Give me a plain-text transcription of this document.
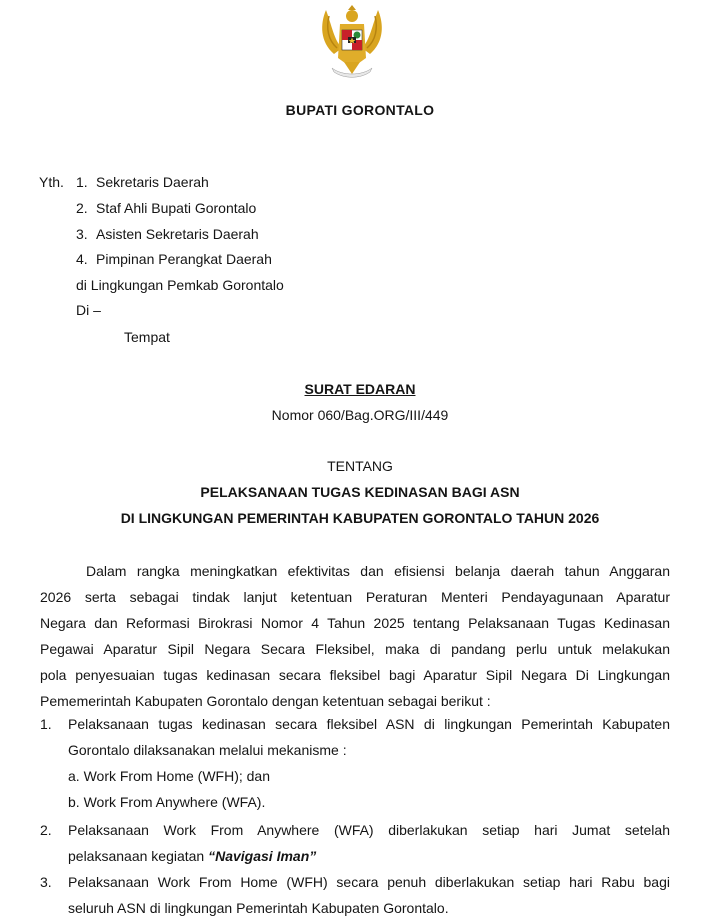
BUPATI GORONTALO
Yth. 1. Sekretaris Daerah
2. Staf Ahli Bupati Gorontalo
3. Asisten Sekretaris Daerah
4. Pimpinan Perangkat Daerah
di Lingkungan Pemkab Gorontalo
Di –
Tempat
SURAT EDARAN
Nomor 060/Bag.ORG/III/449
TENTANG
PELAKSANAAN TUGAS KEDINASAN BAGI ASN
DI LINGKUNGAN PEMERINTAH KABUPATEN GORONTALO TAHUN 2026
Dalam rangka meningkatkan efektivitas dan efisiensi belanja daerah tahun Anggaran
2026 serta sebagai tindak lanjut ketentuan Peraturan Menteri Pendayagunaan Aparatur
Negara dan Reformasi Birokrasi Nomor 4 Tahun 2025 tentang Pelaksanaan Tugas Kedinasan
Pegawai Aparatur Sipil Negara Secara Fleksibel, maka di pandang perlu untuk melakukan
pola penyesuaian tugas kedinasan secara fleksibel bagi Aparatur Sipil Negara Di Lingkungan
Pememerintah Kabupaten Gorontalo dengan ketentuan sebagai berikut :
1. Pelaksanaan tugas kedinasan secara fleksibel ASN di lingkungan Pemerintah Kabupaten
Gorontalo dilaksanakan melalui mekanisme :
a. Work From Home (WFH); dan
b. Work From Anywhere (WFA).
2. Pelaksanaan Work From Anywhere (WFA) diberlakukan setiap hari Jumat setelah
pelaksanaan kegiatan “Navigasi Iman”
3. Pelaksanaan Work From Home (WFH) secara penuh diberlakukan setiap hari Rabu bagi
seluruh ASN di lingkungan Pemerintah Kabupaten Gorontalo.
